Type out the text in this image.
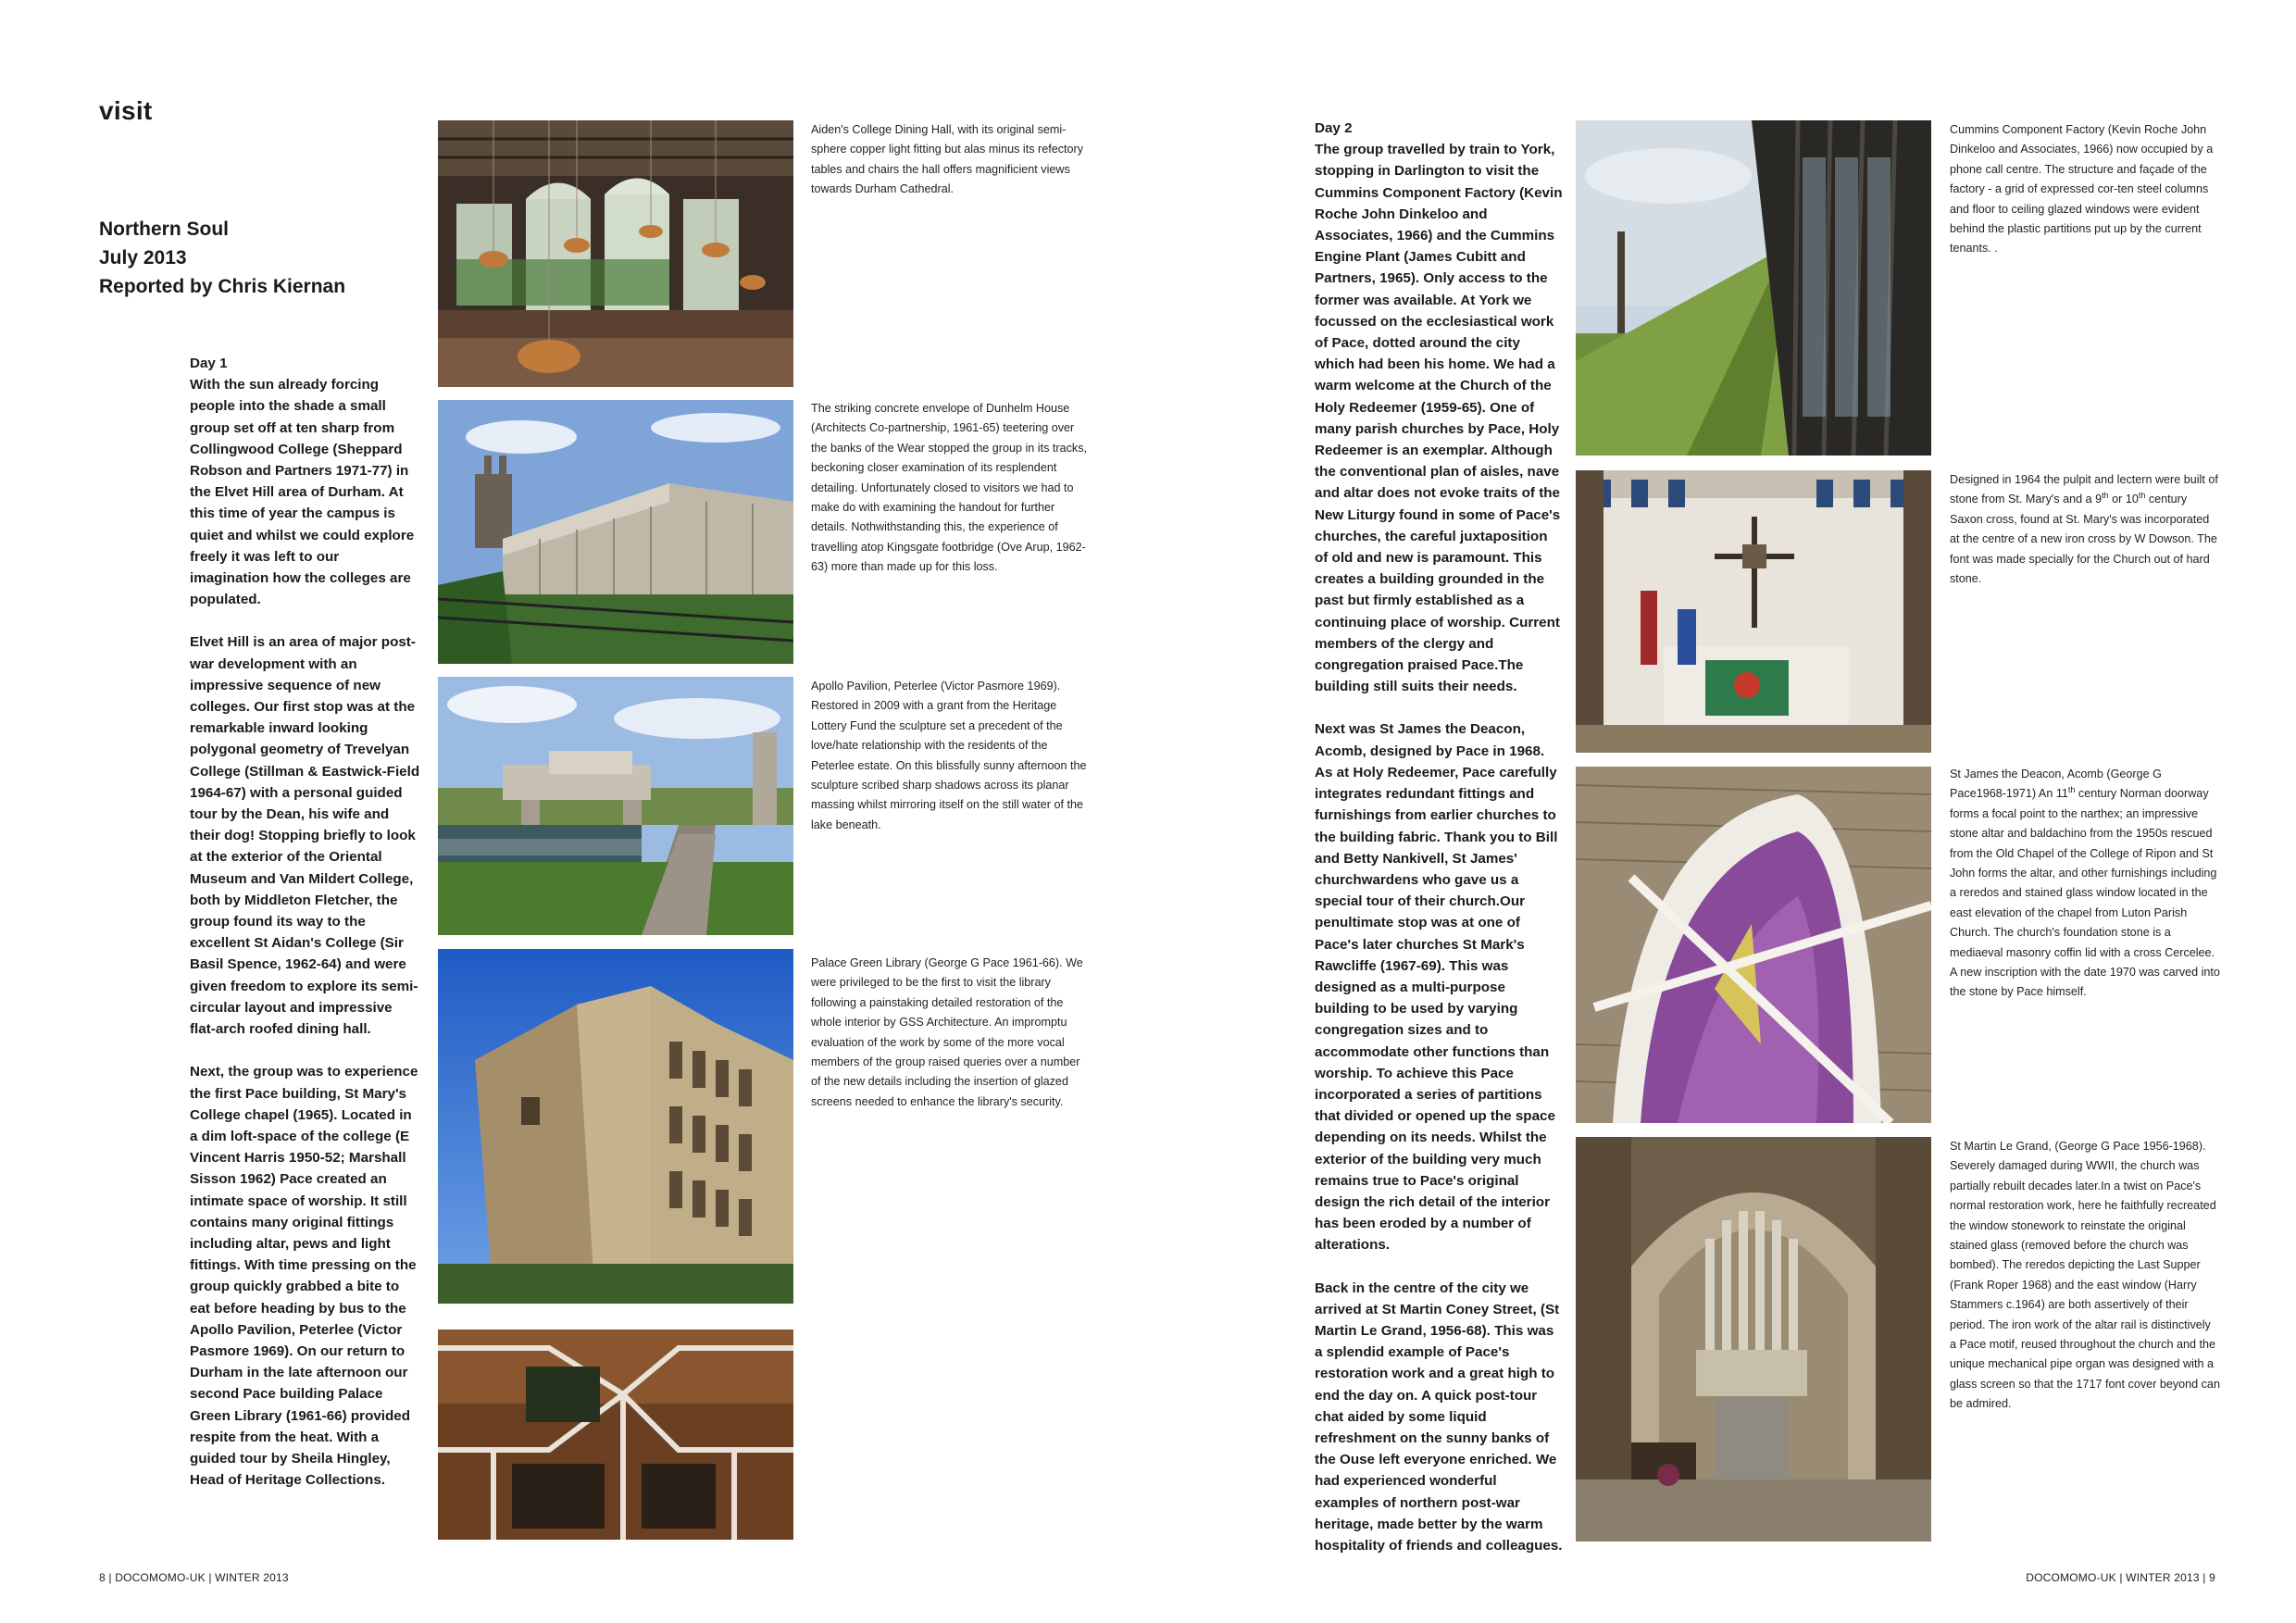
visit
Northern Soul
July 2013
Reported by Chris Kiernan
Day 1

With the sun already forcing people into the shade a small group set off at ten sharp from Collingwood College (Sheppard Robson and Partners 1971-77) in the Elvet Hill area of Durham. At this time of year the campus is quiet and whilst we could explore freely it was left to our imagination how the colleges are populated.

Elvet Hill is an area of major post-war development with an impressive sequence of new colleges. Our first stop was at the remarkable inward looking polygonal geometry of Trevelyan College (Stillman & Eastwick-Field 1964-67) with a personal guided tour by the Dean, his wife and their dog! Stopping briefly to look at the exterior of the Oriental Museum and Van Mildert College, both by Middleton Fletcher, the group found its way to the excellent St Aidan's College (Sir Basil Spence, 1962-64) and were given freedom to explore its semi-circular layout and impressive flat-arch roofed dining hall.

Next, the group was to experience the first Pace building, St Mary's College chapel (1965). Located in a dim loft-space of the college (E Vincent Harris 1950-52; Marshall Sisson 1962) Pace created an intimate space of worship. It still contains many original fittings including altar, pews and light fittings. With time pressing on the group quickly grabbed a bite to eat before heading by bus to the Apollo Pavilion, Peterlee (Victor Pasmore 1969). On our return to Durham in the late afternoon our second Pace building Palace Green Library (1961-66) provided respite from the heat. With a guided tour by Sheila Hingley, Head of Heritage Collections.

Aiden's College Dining Hall, with its original semi-sphere copper light fitting but alas minus its refectory tables and chairs the hall offers magnificient views towards Durham Cathedral.
The striking concrete envelope of Dunhelm House (Architects Co-partnership, 1961-65) teetering over the banks of the Wear stopped the group in its tracks, beckoning closer examination of its resplendent detailing. Unfortunately closed to visitors we had to make do with examining the handout for further details. Nothwithstanding this, the experience of travelling atop Kingsgate footbridge (Ove Arup, 1962-63) more than made up for this loss.
Apollo Pavilion, Peterlee (Victor Pasmore 1969). Restored in 2009 with a grant from the Heritage Lottery Fund the sculpture set a precedent of the love/hate relationship with the residents of the Peterlee estate. On this blissfully sunny afternoon the sculpture scribed sharp shadows across its planar massing whilst mirroring itself on the still water of the lake beneath.
Palace Green Library (George G Pace 1961-66). We were privileged to be the first to visit the library following a painstaking detailed restoration of the whole interior by GSS Architecture. An impromptu evaluation of the work by some of the more vocal members of the group raised queries over a number of the new details including the insertion of glazed screens needed to enhance the library's security.
8 | DOCOMOMO-UK | WINTER 2013
Day 2

The group travelled by train to York, stopping in Darlington to visit the Cummins Component Factory (Kevin Roche John Dinkeloo and Associates, 1966) and the Cummins Engine Plant (James Cubitt and Partners, 1965). Only access to the former was available. At York we focussed on the ecclesiastical work of Pace, dotted around the city which had been his home. We had a warm welcome at the Church of the Holy Redeemer (1959-65). One of many parish churches by Pace, Holy Redeemer is an exemplar. Although the conventional plan of aisles, nave and altar does not evoke traits of the New Liturgy found in some of Pace's churches, the careful juxtaposition of old and new is paramount. This creates a building grounded in the past but firmly established as a continuing place of worship. Current members of the clergy and congregation praised Pace.The building still suits their needs.

Next was St James the Deacon, Acomb, designed by Pace in 1968. As at Holy Redeemer, Pace carefully integrates redundant fittings and furnishings from earlier churches to the building fabric. Thank you to Bill and Betty Nankivell, St James' churchwardens who gave us a special tour of their church.Our penultimate stop was at one of Pace's later churches St Mark's Rawcliffe (1967-69). This was designed as a multi-purpose building to be used by varying congregation sizes and to accommodate other functions than worship. To achieve this Pace incorporated a series of partitions that divided or opened up the space depending on its needs. Whilst the exterior of the building very much remains true to Pace's original design the rich detail of the interior has been eroded by a number of alterations.

Back in the centre of the city we arrived at St Martin Coney Street, (St Martin Le Grand, 1956-68). This was a splendid example of Pace's restoration work and a great high to end the day on. A quick post-tour chat aided by some liquid refreshment on the sunny banks of the Ouse left everyone enriched. We had experienced wonderful examples of northern post-war heritage, made better by the warm hospitality of friends and colleagues.

Cummins Component Factory (Kevin Roche John Dinkeloo and Associates, 1966) now occupied by a phone call centre. The structure and façade of the factory - a grid of expressed cor-ten steel columns and floor to ceiling glazed windows were evident behind the plastic partitions put up by the current tenants. .
Designed in 1964 the pulpit and lectern were built of stone from St. Mary's and a 9th or 10th century Saxon cross, found at St. Mary's was incorporated at the centre of a new iron cross by W Dowson. The font was made specially for the Church out of hard stone.
St James the Deacon, Acomb (George G Pace1968-1971) An 11th century Norman doorway forms a focal point to the narthex; an impressive stone altar and baldachino from the 1950s rescued from the Old Chapel of the College of Ripon and St John forms the altar, and other furnishings including a reredos and stained glass window located in the east elevation of the chapel from Luton Parish Church. The church's foundation stone is a mediaeval masonry coffin lid with a cross Cercelee. A new inscription with the date 1970 was carved into the stone by Pace himself.
St Martin Le Grand, (George G Pace 1956-1968). Severely damaged during WWII, the church was partially rebuilt decades later.In a twist on Pace's normal restoration work, here he faithfully recreated the window stonework to reinstate the original stained glass (removed before the church was bombed). The reredos depicting the Last Supper (Frank Roper 1968) and the east window (Harry Stammers c.1964) are both assertively of their period. The iron work of the altar rail is distinctively a Pace motif, reused throughout the church and the unique mechanical pipe organ was designed with a glass screen so that the 1717 font cover beyond can be admired.
DOCOMOMO-UK | WINTER 2013 | 9
